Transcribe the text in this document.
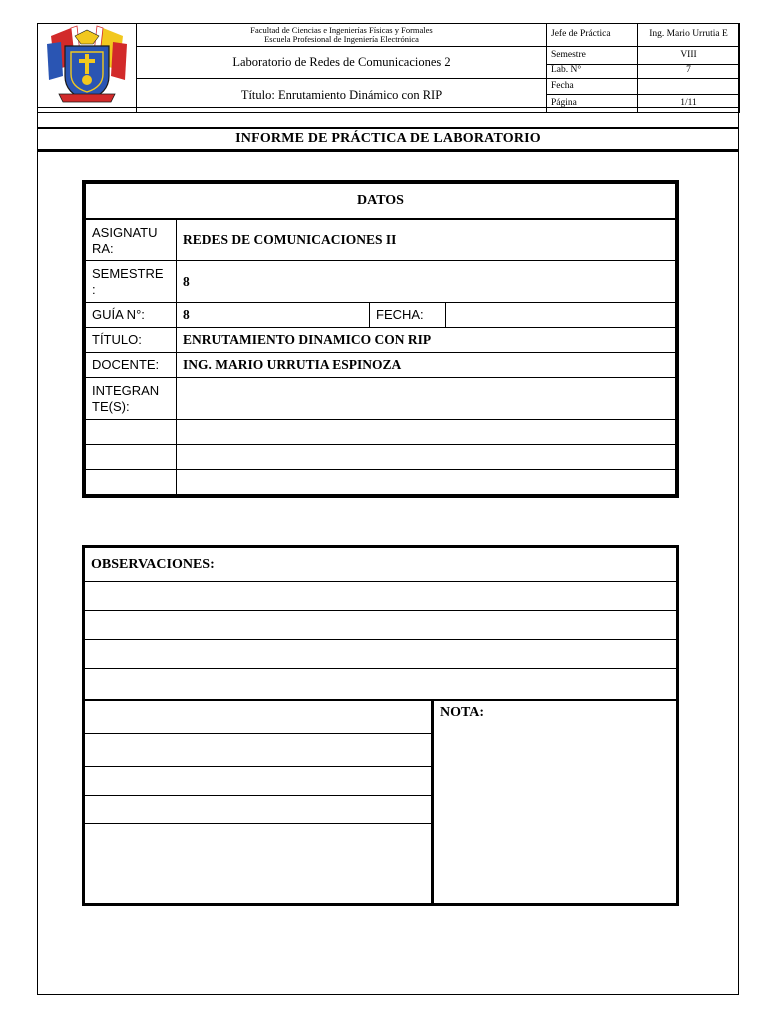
Facultad de Ciencias e Ingenierías Físicas y Formales
Escuela Profesional de Ingeniería Electrónica	Jefe de Práctica	Ing. Mario Urrutia E

	Laboratorio de Redes de Comunicaciones 2	Semestre	VIII
		Lab. N°	7
	Título: Enrutamiento Dinámico con RIP	Fecha
Página	1/11
INFORME DE PRÁCTICA DE LABORATORIO
DATOS			
ASIGNATU RA:	REDES DE COMUNICACIONES II		
SEMESTRE :	8		
GUÍA N°:	8	FECHA:	
TÍTULO:	ENRUTAMIENTO DINAMICO CON RIP		
DOCENTE:	ING. MARIO URRUTIA ESPINOZA		
INTEGRAN TE(S):			

OBSERVACIONES:
NOTA:
